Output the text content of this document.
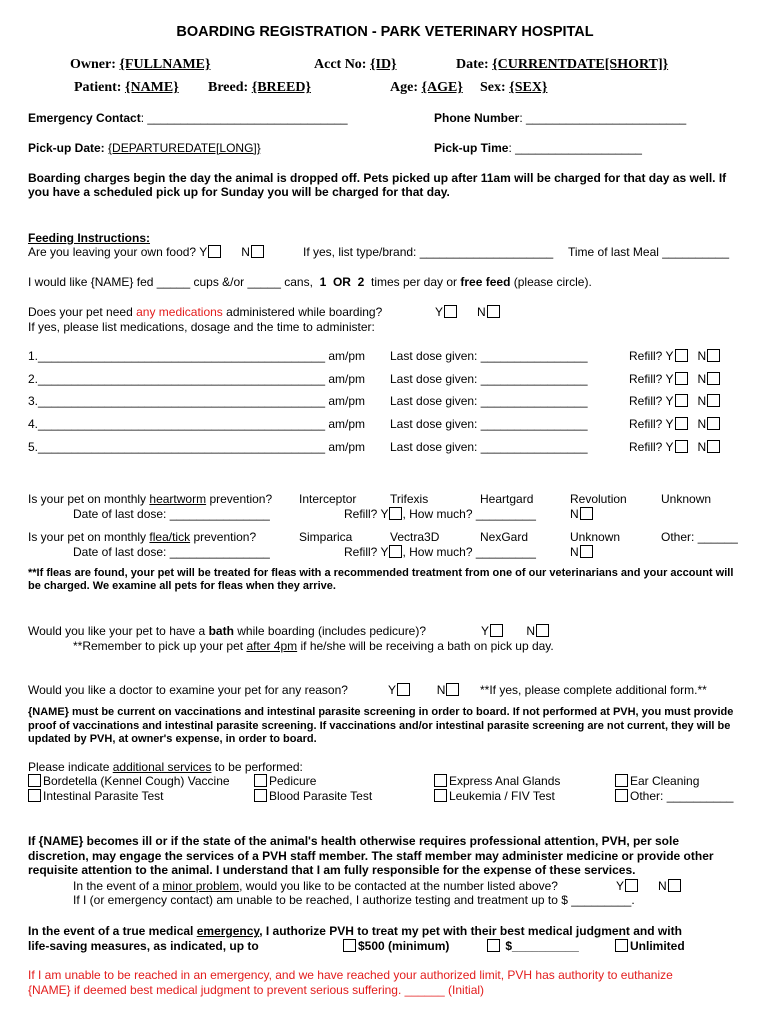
BOARDING REGISTRATION - PARK VETERINARY HOSPITAL
Owner: {FULLNAME}	Acct No: {ID}	Date: {CURRENTDATE[SHORT]}
Patient: {NAME} Breed: {BREED}	Age: {AGE} Sex: {SEX}
Emergency Contact: ______________________________	Phone Number: ________________________
Pick-up Date: {DEPARTUREDATE[LONG]}	Pick-up Time: ___________________
Boarding charges begin the day the animal is dropped off. Pets picked up after 11am will be charged for that day as well. If you have a scheduled pick up for Sunday you will be charged for that day.
Feeding Instructions:
Are you leaving your own food? Y	N	If yes, list type/brand: ____________________ Time of last Meal __________
I would like {NAME} fed _____ cups &/or _____ cans, 1 OR 2 times per day or free feed (please circle).
Does your pet need any medications administered while boarding?	Y	N
If yes, please list medications, dosage and the time to administer:
1.___________________________________________ am/pm Last dose given: ________________	Refill? Y N
2.___________________________________________ am/pm Last dose given: ________________	Refill? Y N
3.___________________________________________ am/pm Last dose given: ________________	Refill? Y N
4.___________________________________________ am/pm Last dose given: ________________	Refill? Y N
5.___________________________________________ am/pm Last dose given: ________________	Refill? Y N
Is your pet on monthly heartworm prevention? Interceptor	Trifexis	Heartgard	Revolution	Unknown
Date of last dose: _______________	Refill? Y , How much? _________	N
Is your pet on monthly flea/tick prevention?	Simparica	Vectra3D	NexGard	Unknown	Other: ______
Date of last dose: _______________	Refill? Y , How much? _________	N
**If fleas are found, your pet will be treated for fleas with a recommended treatment from one of our veterinarians and your account will be charged. We examine all pets for fleas when they arrive.
Would you like your pet to have a bath while boarding (includes pedicure)?	Y	N
**Remember to pick up your pet after 4pm if he/she will be receiving a bath on pick up day.
Would you like a doctor to examine your pet for any reason?	Y	N	**If yes, please complete additional form.**
{NAME} must be current on vaccinations and intestinal parasite screening in order to board. If not performed at PVH, you must provide proof of vaccinations and intestinal parasite screening. If vaccinations and/or intestinal parasite screening are not current, they will be updated by PVH, at owner's expense, in order to board.
Please indicate additional services to be performed:
Bordetella (Kennel Cough) Vaccine	Pedicure	Express Anal Glands	Ear Cleaning
Intestinal Parasite Test	Blood Parasite Test	Leukemia / FIV Test	Other: __________
If {NAME} becomes ill or if the state of the animal's health otherwise requires professional attention, PVH, per sole discretion, may engage the services of a PVH staff member. The staff member may administer medicine or provide other requisite attention to the animal. I understand that I am fully responsible for the expense of these services.
In the event of a minor problem, would you like to be contacted at the number listed above?	Y	N
If I (or emergency contact) am unable to be reached, I authorize testing and treatment up to $ _________.
In the event of a true medical emergency, I authorize PVH to treat my pet with their best medical judgment and with
life-saving measures, as indicated, up to	$500 (minimum)	$__________	Unlimited
If I am unable to be reached in an emergency, and we have reached your authorized limit, PVH has authority to euthanize
{NAME} if deemed best medical judgment to prevent serious suffering. ______ (Initial)
